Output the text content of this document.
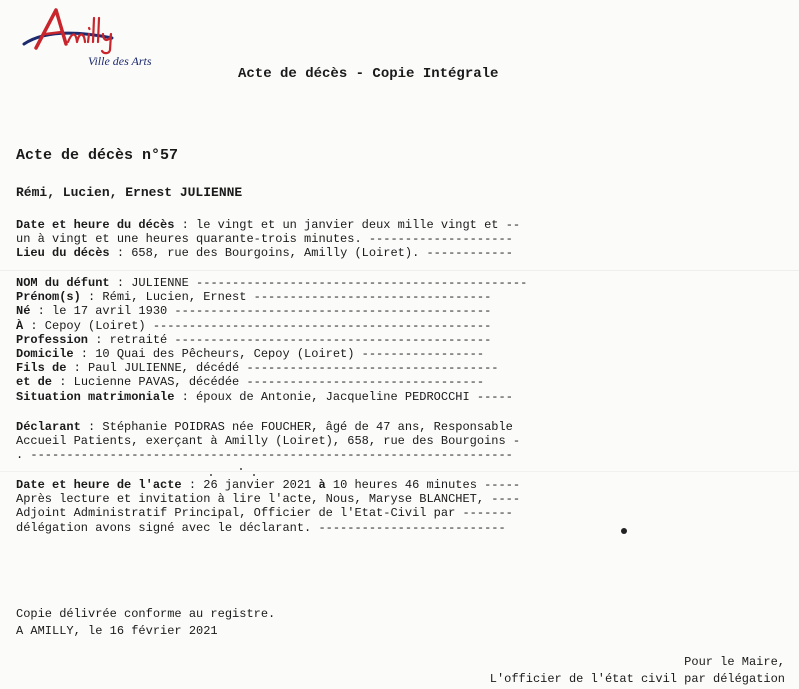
Ville des Arts
Acte de décès - Copie Intégrale
Acte de décès n°57
Rémi, Lucien, Ernest JULIENNE
Date et heure du décès : le vingt et un janvier deux mille vingt et --
un à vingt et une heures quarante-trois minutes. --------------------
Lieu du décès : 658, rue des Bourgoins, Amilly (Loiret). ------------
NOM du défunt : JULIENNE ----------------------------------------------
Prénom(s) : Rémi, Lucien, Ernest ---------------------------------
Né : le 17 avril 1930 --------------------------------------------
À : Cepoy (Loiret) -----------------------------------------------
Profession : retraité --------------------------------------------
Domicile : 10 Quai des Pêcheurs, Cepoy (Loiret) -----------------
Fils de : Paul JULIENNE, décédé -----------------------------------
et de : Lucienne PAVAS, décédée ---------------------------------
Situation matrimoniale : époux de Antonie, Jacqueline PEDROCCHI -----
Déclarant : Stéphanie POIDRAS née FOUCHER, âgé de 47 ans, Responsable
Accueil Patients, exerçant à Amilly (Loiret), 658, rue des Bourgoins -
. -------------------------------------------------------------------
Date et heure de l'acte : 26 janvier 2021 à 10 heures 46 minutes -----
Après lecture et invitation à lire l'acte, Nous, Maryse BLANCHET, ----
Adjoint Administratif Principal, Officier de l'Etat-Civil par -------
délégation avons signé avec le déclarant. --------------------------
Copie délivrée conforme au registre.
A AMILLY, le 16 février 2021
Pour le Maire,
L'officier de l'état civil par délégation
